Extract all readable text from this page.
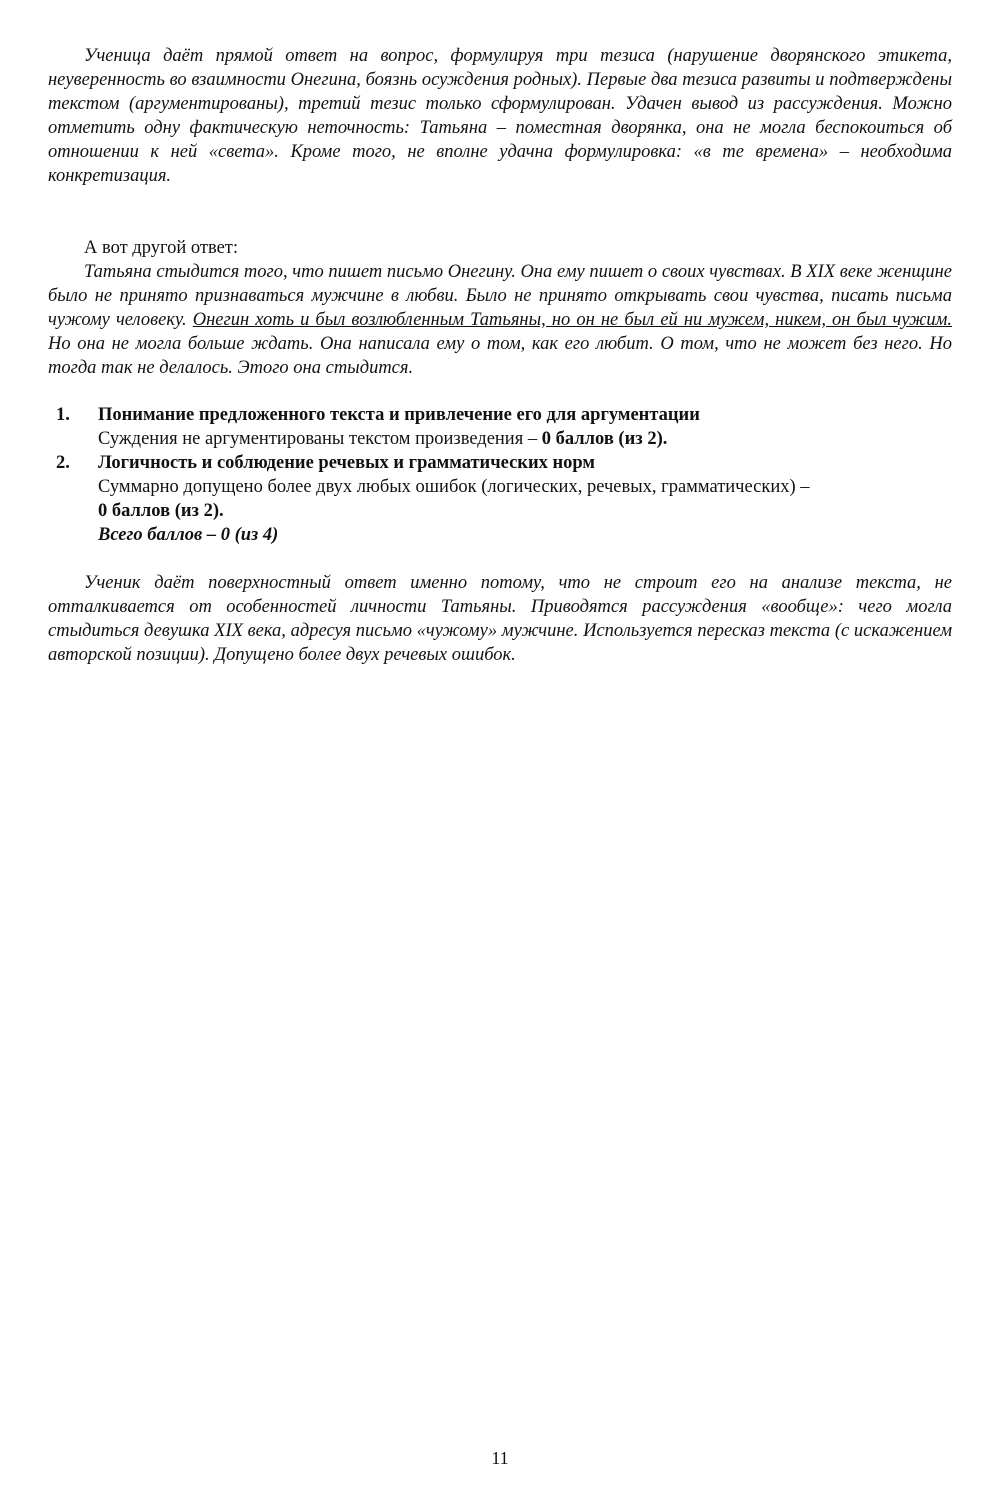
Ученица даёт прямой ответ на вопрос, формулируя три тезиса (нарушение дворянского этикета, неуверенность во взаимности Онегина, боязнь осуждения родных). Первые два тезиса развиты и подтверждены текстом (аргументированы), третий тезис только сформулирован. Удачен вывод из рассуждения. Можно отметить одну фактическую неточность: Татьяна – поместная дворянка, она не могла беспокоиться об отношении к ней «света». Кроме того, не вполне удачна формулировка: «в те времена» – необходима конкретизация.

А вот другой ответ:

Татьяна стыдится того, что пишет письмо Онегину. Она ему пишет о своих чувствах. В XIX веке женщине было не принято признаваться мужчине в любви. Было не принято открывать свои чувства, писать письма чужому человеку. Онегин хоть и был возлюбленным Татьяны, но он не был ей ни мужем, никем, он был чужим. Но она не могла больше ждать. Она написала ему о том, как его любит. О том, что не может без него. Но тогда так не делалось. Этого она стыдится.

1.	Понимание предложенного текста и привлечение его для аргументации
Суждения не аргументированы текстом произведения – 0 баллов (из 2).
2.	Логичность и соблюдение речевых и грамматических норм
Суммарно допущено более двух любых ошибок (логических, речевых, грамматических) –
0 баллов (из 2).
Всего баллов – 0 (из 4)

Ученик даёт поверхностный ответ именно потому, что не строит его на анализе текста, не отталкивается от особенностей личности Татьяны. Приводятся рассуждения «вообще»: чего могла стыдиться девушка XIX века, адресуя письмо «чужому» мужчине. Используется пересказ текста (с искажением авторской позиции). Допущено более двух речевых ошибок.

11
